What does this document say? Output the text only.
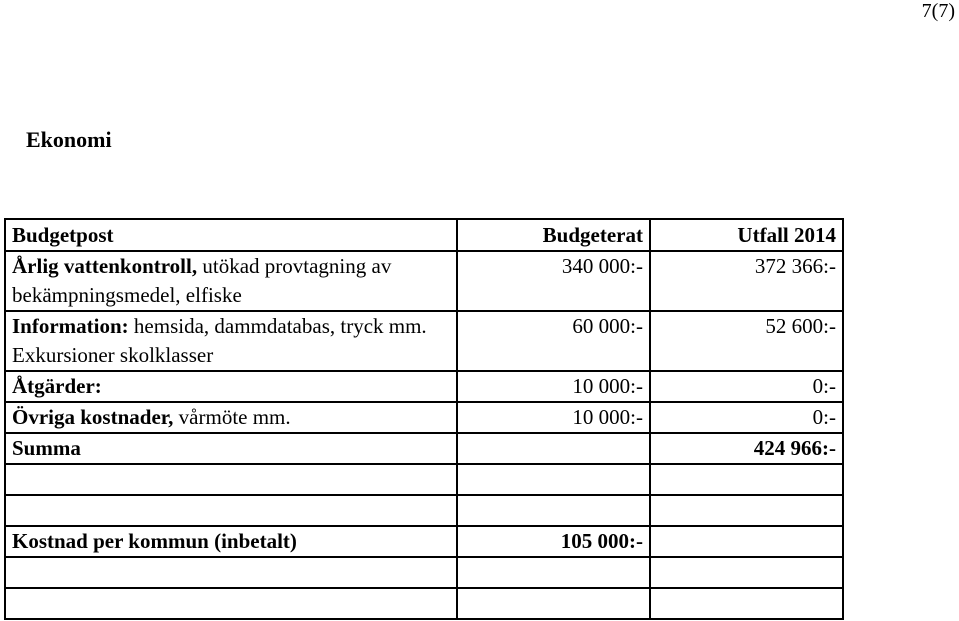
7(7)
Ekonomi
Budgetpost	Budgeterat	Utfall 2014
Årlig vattenkontroll, utökad provtagning av bekämpningsmedel, elfiske	340 000:-	372 366:-
Information: hemsida, dammdatabas, tryck mm. Exkursioner skolklasser	60 000:-	52 600:-
Åtgärder:	10 000:-	0:-
Övriga kostnader, vårmöte mm.	10 000:-	0:-
Summa		424 966:-

Kostnad per kommun (inbetalt)	105 000:-	
